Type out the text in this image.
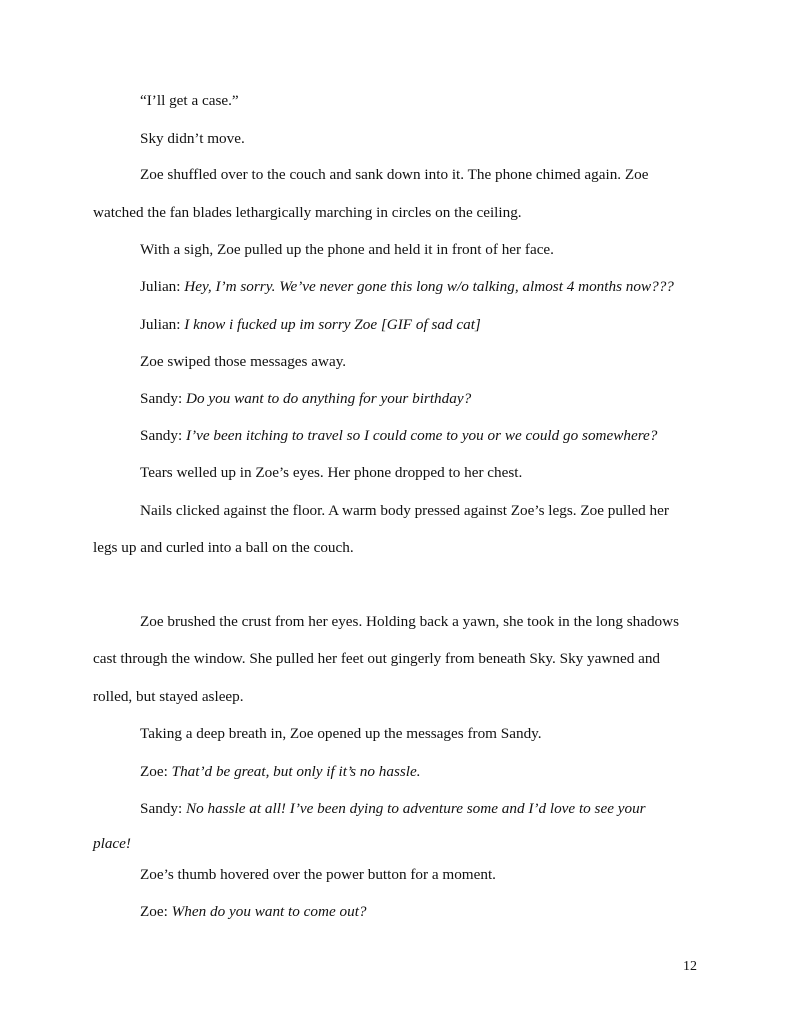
“I’ll get a case.”
Sky didn’t move.
Zoe shuffled over to the couch and sank down into it. The phone chimed again. Zoe
watched the fan blades lethargically marching in circles on the ceiling.
With a sigh, Zoe pulled up the phone and held it in front of her face.
Julian: Hey, I’m sorry. We’ve never gone this long w/o talking, almost 4 months now???
Julian: I know i fucked up im sorry Zoe [GIF of sad cat]
Zoe swiped those messages away.
Sandy: Do you want to do anything for your birthday?
Sandy: I’ve been itching to travel so I could come to you or we could go somewhere?
Tears welled up in Zoe’s eyes. Her phone dropped to her chest.
Nails clicked against the floor. A warm body pressed against Zoe’s legs. Zoe pulled her
legs up and curled into a ball on the couch.
Zoe brushed the crust from her eyes. Holding back a yawn, she took in the long shadows
cast through the window. She pulled her feet out gingerly from beneath Sky. Sky yawned and
rolled, but stayed asleep.
Taking a deep breath in, Zoe opened up the messages from Sandy.
Zoe: That’d be great, but only if it’s no hassle.
Sandy: No hassle at all! I’ve been dying to adventure some and I’d love to see your
place!
Zoe’s thumb hovered over the power button for a moment.
Zoe: When do you want to come out?
12
